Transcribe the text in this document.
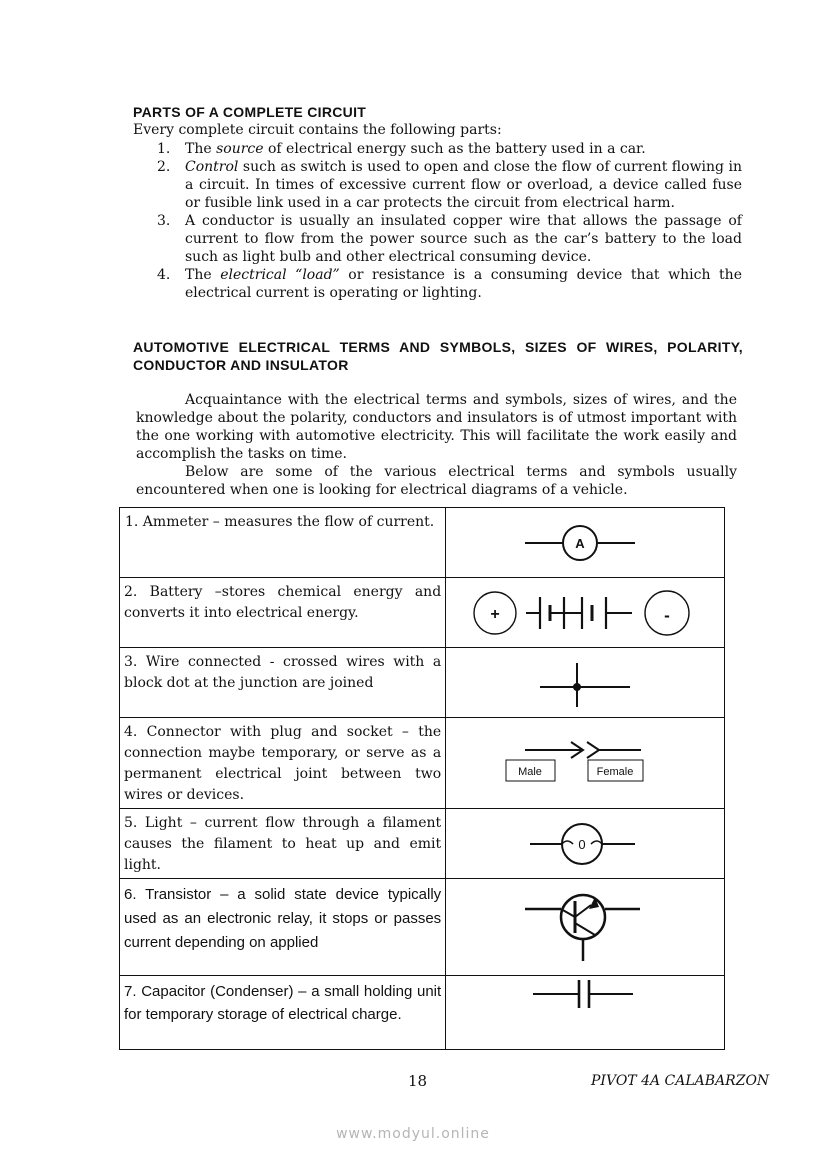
PARTS OF A COMPLETE CIRCUIT
Every complete circuit contains the following parts:
1. The source of electrical energy such as the battery used in a car.
2. Control such as switch is used to open and close the flow of current flowing in a circuit. In times of excessive current flow or overload, a device called fuse or fusible link used in a car protects the circuit from electrical harm.
3. A conductor is usually an insulated copper wire that allows the passage of current to flow from the power source such as the car’s battery to the load such as light bulb and other electrical consuming device.
4. The electrical “load” or resistance is a consuming device that which the electrical current is operating or lighting.
AUTOMOTIVE ELECTRICAL TERMS AND SYMBOLS, SIZES OF WIRES, POLARITY, CONDUCTOR AND INSULATOR

Acquaintance with the electrical terms and symbols, sizes of wires, and the knowledge about the polarity, conductors and insulators is of utmost important with the one working with automotive electricity. This will facilitate the work easily and accomplish the tasks on time.

Below are some of the various electrical terms and symbols usually encountered when one is looking for electrical diagrams of a vehicle.

1. Ammeter – measures the flow of current.	A

2. Battery –stores chemical energy and converts it into electrical energy.	+ -

3. Wire connected - crossed wires with a block dot at the junction are joined	

4. Connector with plug and socket – the connection maybe temporary, or serve as a permanent electrical joint between two wires or devices.	Male Female

5. Light – current flow through a filament causes the filament to heat up and emit light.	0

6. Transistor – a solid state device typically used as an electronic relay, it stops or passes current depending on applied	

7. Capacitor (Condenser) – a small holding unit for temporary storage of electrical charge.	
18	PIVOT 4A CALABARZON
www.modyul.online
